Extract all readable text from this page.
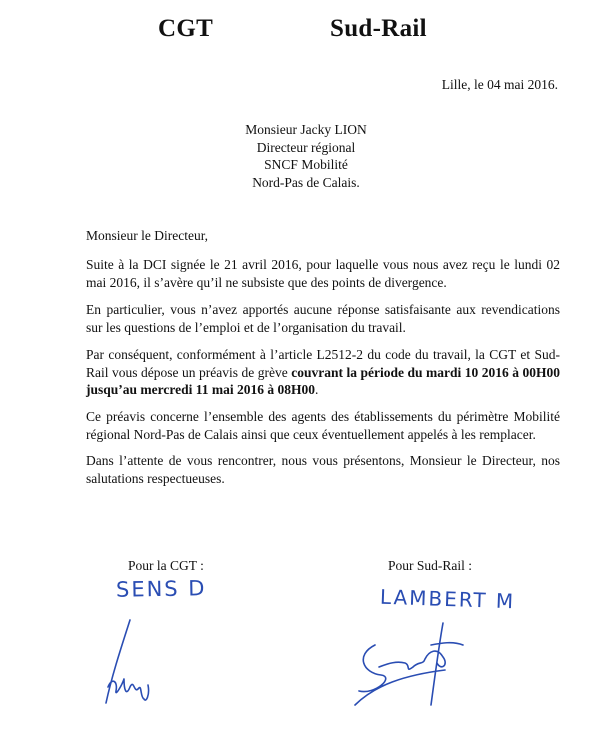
CGT	Sud-Rail
Lille, le 04 mai 2016.
Monsieur Jacky LION
Directeur régional
SNCF Mobilité
Nord-Pas de Calais.
Monsieur le Directeur,

Suite à la DCI signée le 21 avril 2016, pour laquelle vous nous avez reçu le lundi 02 mai 2016, il s’avère qu’il ne subsiste que des points de divergence.

En particulier, vous n’avez apportés aucune réponse satisfaisante aux revendications sur les questions de l’emploi et de l’organisation du travail.

Par conséquent, conformément à l’article L2512-2 du code du travail, la CGT et Sud-Rail vous dépose un préavis de grève couvrant la période du mardi 10 2016 à 00H00 jusqu’au mercredi 11 mai 2016 à 08H00.

Ce préavis concerne l’ensemble des agents des établissements du périmètre Mobilité régional Nord-Pas de Calais ainsi que ceux éventuellement appelés à les remplacer.

Dans l’attente de vous rencontrer, nous vous présentons, Monsieur le Directeur, nos salutations respectueuses.

Pour la CGT :	Pour Sud-Rail :
SENS D	LAMBERT M
